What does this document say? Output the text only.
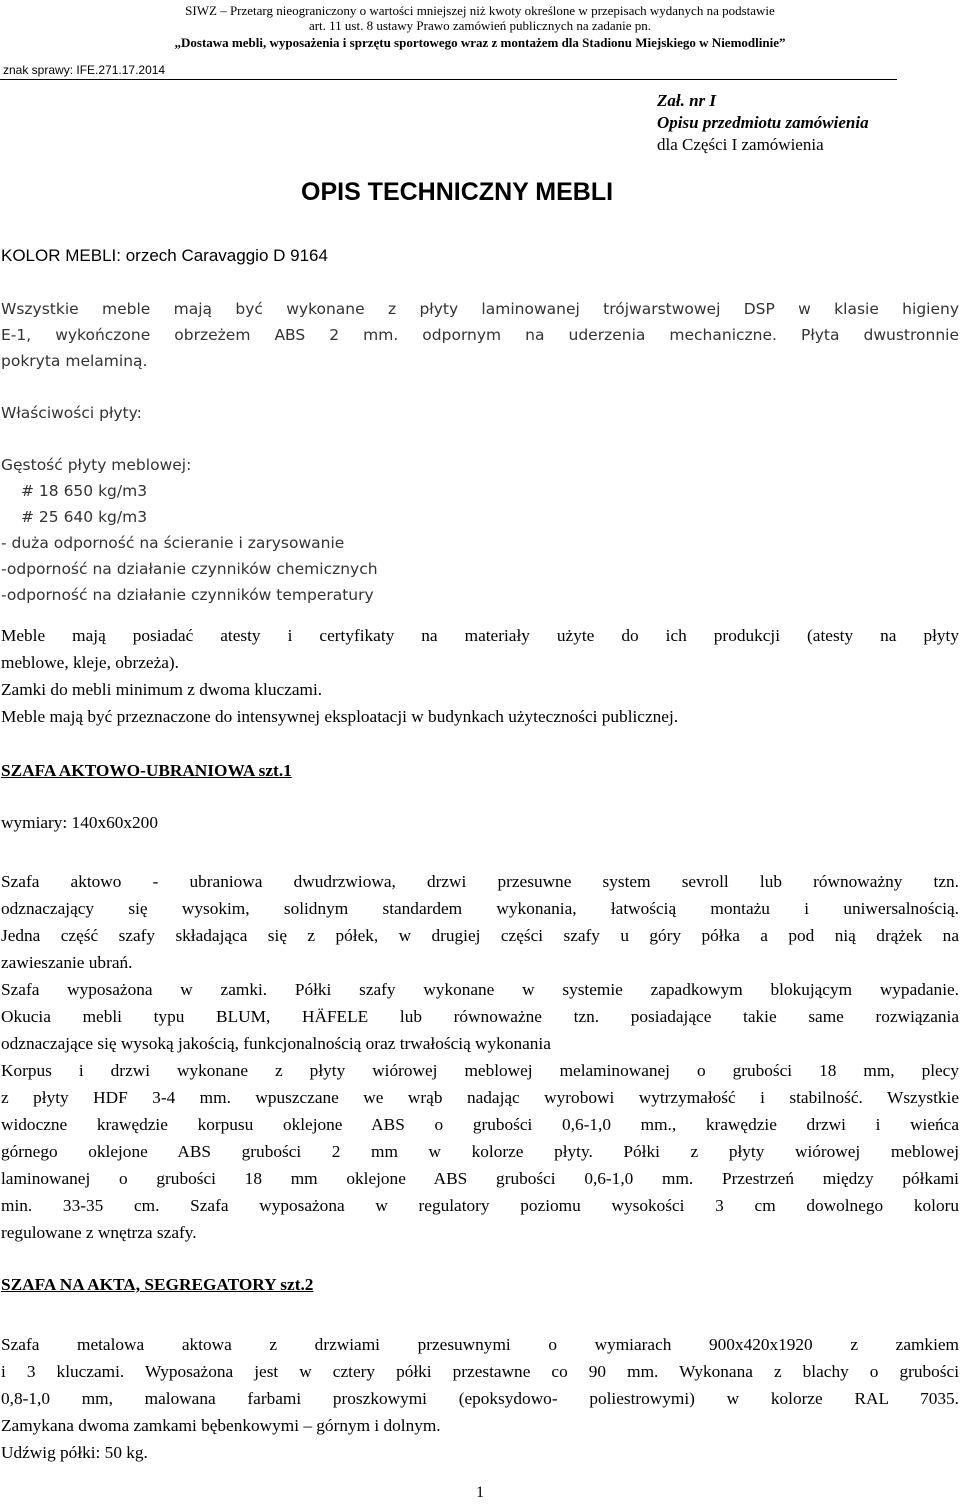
SIWZ – Przetarg nieograniczony o wartości mniejszej niż kwoty określone w przepisach wydanych na podstawie
art. 11 ust. 8 ustawy Prawo zamówień publicznych na zadanie pn.
„Dostawa mebli, wyposażenia i sprzętu sportowego wraz z montażem dla Stadionu Miejskiego w Niemodlinie”
znak sprawy: IFE.271.17.2014
Zał. nr I
Opisu przedmiotu zamówienia
dla Części I zamówienia
OPIS TECHNICZNY MEBLI
KOLOR MEBLI: orzech Caravaggio D 9164

Wszystkie meble mają być wykonane z płyty laminowanej trójwarstwowej DSP w klasie higieny

E-1, wykończone obrzeżem ABS 2 mm. odpornym na uderzenia mechaniczne. Płyta dwustronnie

pokryta melaminą.

Właściwości płyty:

Gęstość płyty meblowej:

# 18 650 kg/m3

# 25 640 kg/m3

- duża odporność na ścieranie i zarysowanie

-odporność na działanie czynników chemicznych

-odporność na działanie czynników temperatury

Meble mają posiadać atesty i certyfikaty na materiały użyte do ich produkcji (atesty na płyty

meblowe, kleje, obrzeża).

Zamki do mebli minimum z dwoma kluczami.

Meble mają być przeznaczone do intensywnej eksploatacji w budynkach użyteczności publicznej.

SZAFA AKTOWO-UBRANIOWA szt.1
wymiary: 140x60x200

Szafa aktowo - ubraniowa dwudrzwiowa, drzwi przesuwne system sevroll lub równoważny tzn.

odznaczający się wysokim, solidnym standardem wykonania, łatwością montażu i uniwersalnością.

Jedna część szafy składająca się z półek, w drugiej części szafy u góry półka a pod nią drążek na

zawieszanie ubrań.

Szafa wyposażona w zamki. Półki szafy wykonane w systemie zapadkowym blokującym wypadanie.

Okucia mebli typu BLUM, HÄFELE lub równoważne tzn. posiadające takie same rozwiązania

odznaczające się wysoką jakością, funkcjonalnością oraz trwałością wykonania

Korpus i drzwi wykonane z płyty wiórowej meblowej melaminowanej o grubości 18 mm, plecy

z płyty HDF 3-4 mm. wpuszczane we wrąb nadając wyrobowi wytrzymałość i stabilność. Wszystkie

widoczne krawędzie korpusu oklejone ABS o grubości 0,6-1,0 mm., krawędzie drzwi i wieńca

górnego oklejone ABS grubości 2 mm w kolorze płyty. Półki z płyty wiórowej meblowej

laminowanej o grubości 18 mm oklejone ABS grubości 0,6-1,0 mm. Przestrzeń między półkami

min. 33-35 cm. Szafa wyposażona w regulatory poziomu wysokości 3 cm dowolnego koloru

regulowane z wnętrza szafy.

SZAFA NA AKTA, SEGREGATORY szt.2

Szafa metalowa aktowa z drzwiami przesuwnymi o wymiarach 900x420x1920 z zamkiem

i 3 kluczami. Wyposażona jest w cztery półki przestawne co 90 mm. Wykonana z blachy o grubości

0,8-1,0 mm, malowana farbami proszkowymi (epoksydowo- poliestrowymi) w kolorze RAL 7035.

Zamykana dwoma zamkami bębenkowymi – górnym i dolnym.

Udźwig półki: 50 kg.

1
